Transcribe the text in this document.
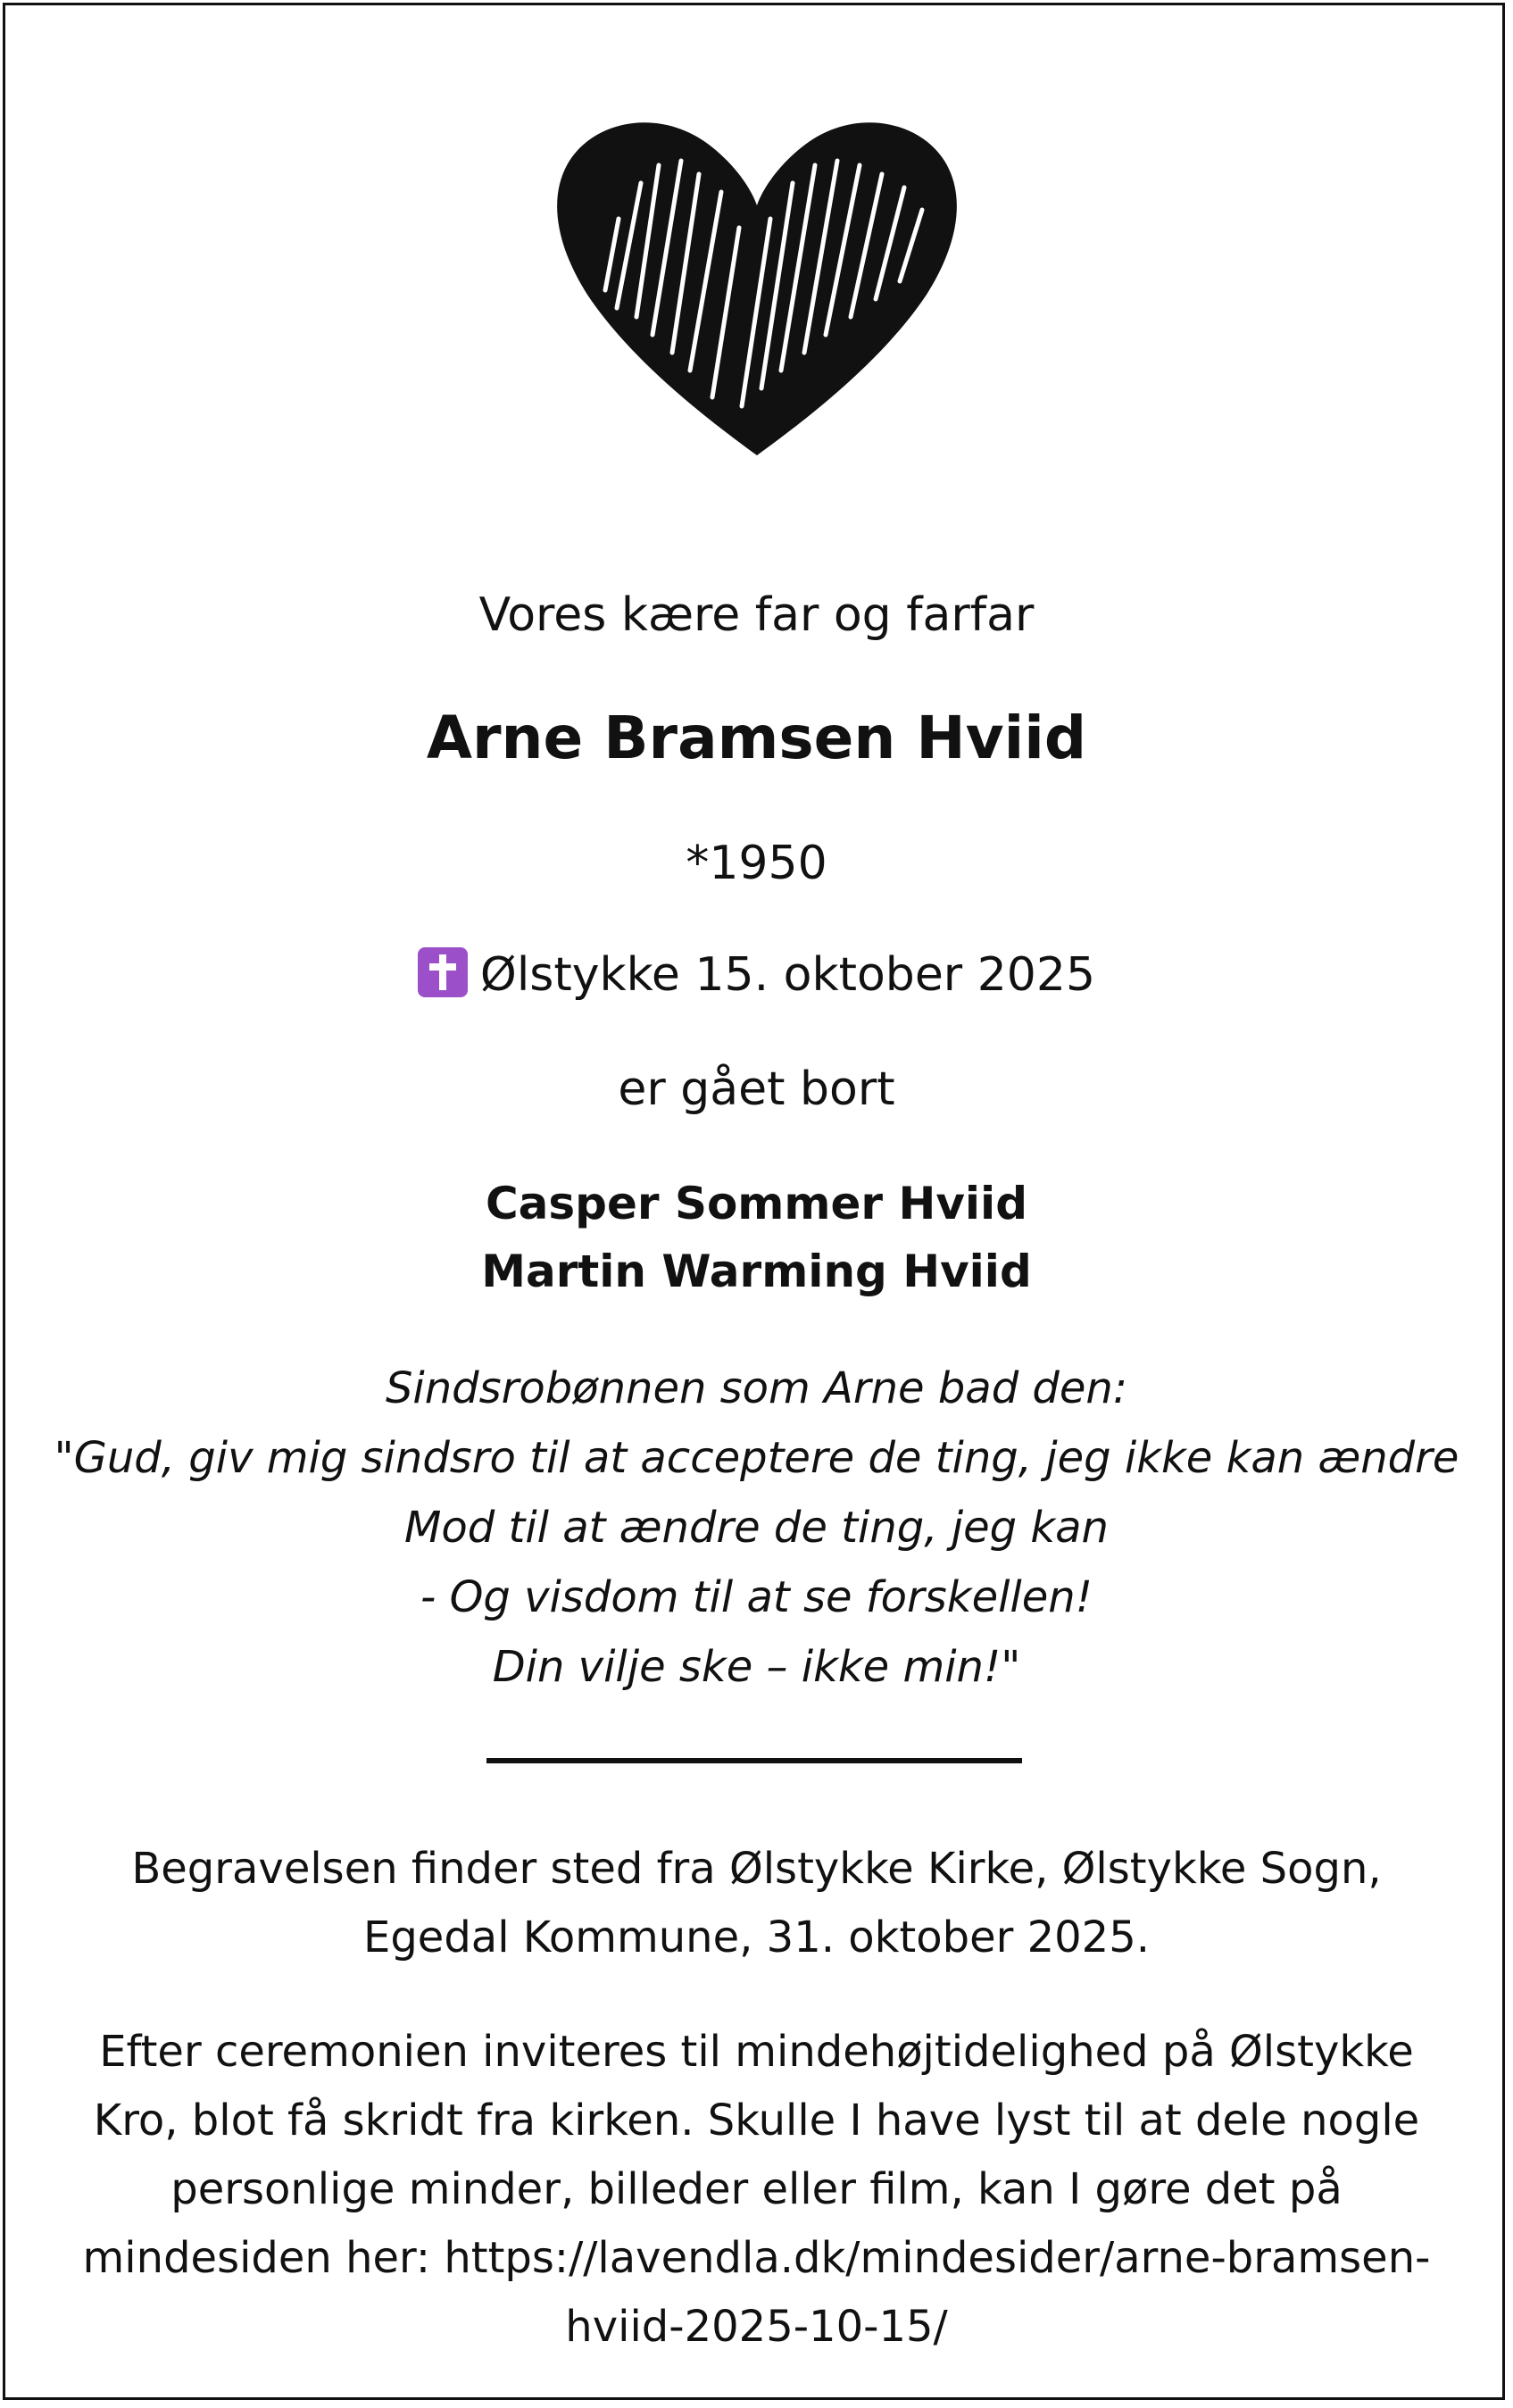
Vores kære far og farfar
Arne Bramsen Hviid
*1950
Ølstykke 15. oktober 2025
er gået bort
Casper Sommer Hviid
Martin Warming Hviid
Sindsrobønnen som Arne bad den:
"Gud, giv mig sindsro til at acceptere de ting, jeg ikke kan ændre
Mod til at ændre de ting, jeg kan
- Og visdom til at se forskellen!
Din vilje ske – ikke min!"
Begravelsen finder sted fra Ølstykke Kirke, Ølstykke Sogn,
Egedal Kommune, 31. oktober 2025.
Efter ceremonien inviteres til mindehøjtidelighed på Ølstykke
Kro, blot få skridt fra kirken. Skulle I have lyst til at dele nogle
personlige minder, billeder eller film, kan I gøre det på
mindesiden her: https://lavendla.dk/mindesider/arne-bramsen-
hviid-2025-10-15/
